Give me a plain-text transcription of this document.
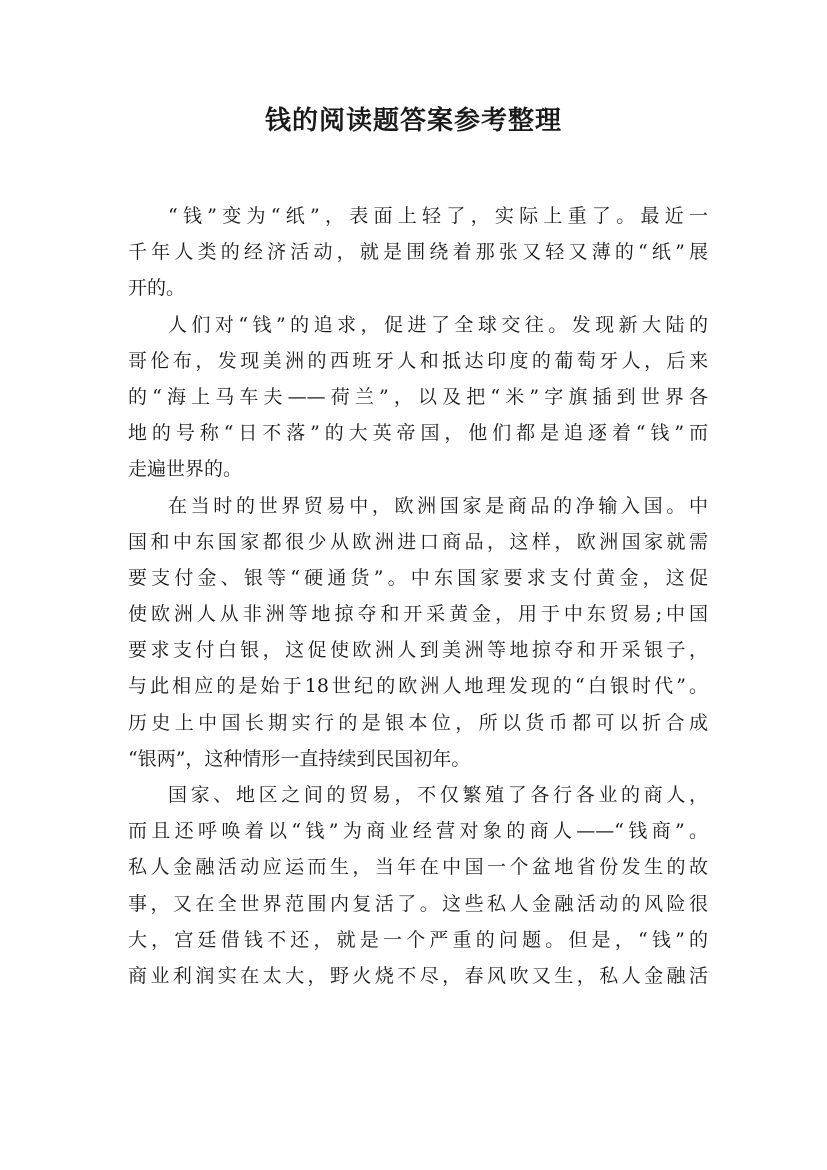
钱的阅读题答案参考整理
“钱”变为“纸”，表面上轻了，实际上重了。最近一
千年人类的经济活动，就是围绕着那张又轻又薄的“纸”展
开的。
人们对“钱”的追求，促进了全球交往。发现新大陆的
哥伦布，发现美洲的西班牙人和抵达印度的葡萄牙人，后来
的“海上马车夫——荷兰”，以及把“米”字旗插到世界各
地的号称“日不落”的大英帝国，他们都是追逐着“钱”而
走遍世界的。
在当时的世界贸易中，欧洲国家是商品的净输入国。中
国和中东国家都很少从欧洲进口商品，这样，欧洲国家就需
要支付金、银等“硬通货”。中东国家要求支付黄金，这促
使欧洲人从非洲等地掠夺和开采黄金，用于中东贸易;中国
要求支付白银，这促使欧洲人到美洲等地掠夺和开采银子，
与此相应的是始于18世纪的欧洲人地理发现的“白银时代”。
历史上中国长期实行的是银本位，所以货币都可以折合成
“银两”，这种情形一直持续到民国初年。
国家、地区之间的贸易，不仅繁殖了各行各业的商人，
而且还呼唤着以“钱”为商业经营对象的商人——“钱商”。
私人金融活动应运而生，当年在中国一个盆地省份发生的故
事，又在全世界范围内复活了。这些私人金融活动的风险很
大，宫廷借钱不还，就是一个严重的问题。但是，“钱”的
商业利润实在太大，野火烧不尽，春风吹又生，私人金融活
